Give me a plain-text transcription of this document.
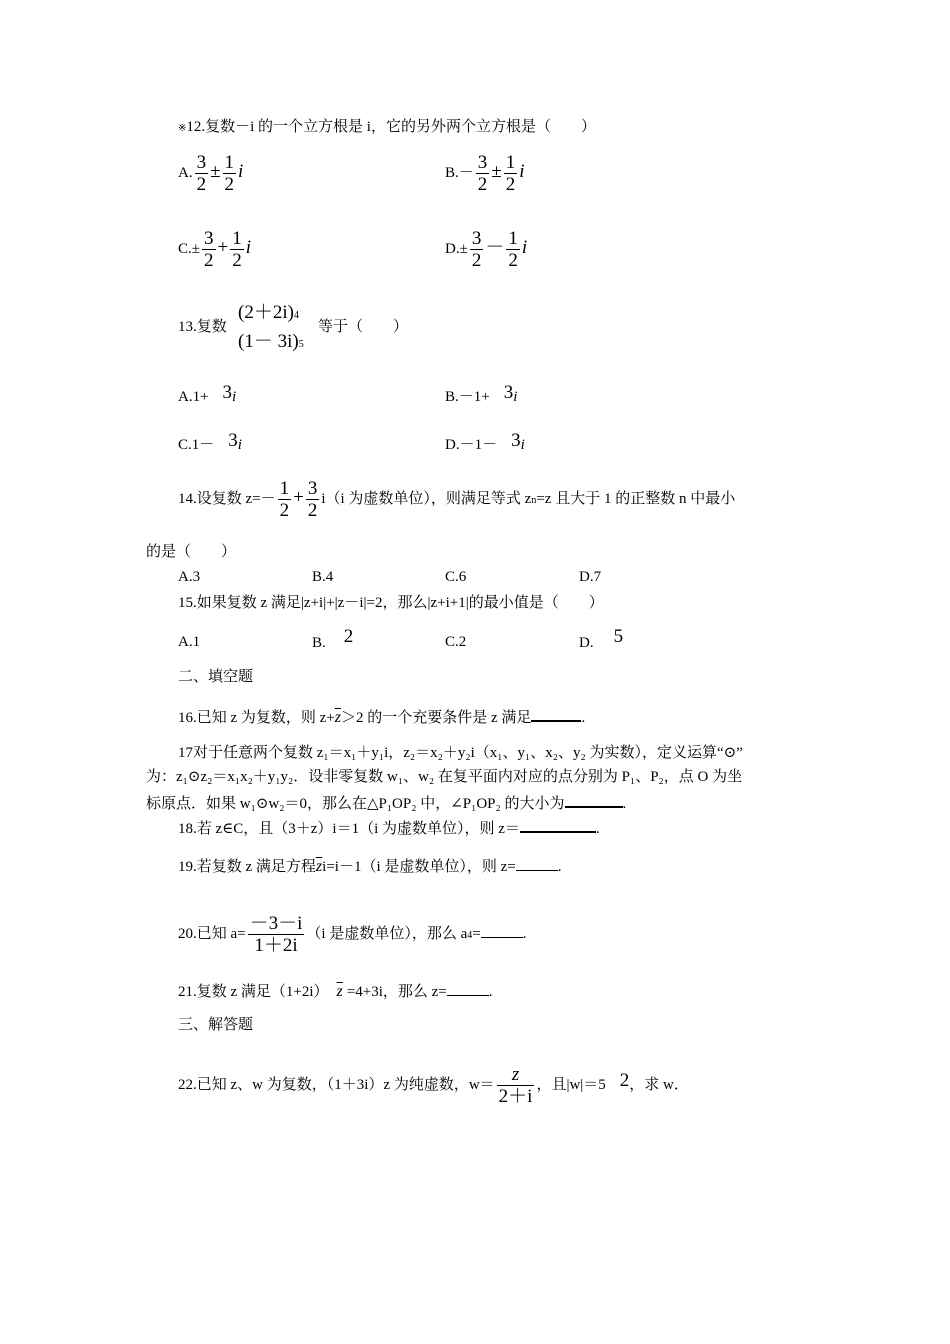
※12.复数－i 的一个立方根是 i，它的另外两个立方根是（　　）
A. $\frac{3}{2} \pm \frac{1}{2}$ i	$B.- \frac{3}{2} \pm \frac{1}{2}$ i
$C.\pm \frac{3}{2} + \frac{1}{2}$ i	$D.\pm \frac{3}{2} - \frac{1}{2}$ i
13.复数
(2＋2i)4
(1－ 3i)5
等于（　　）
A.1+ 3i	B.－1+ 3i
C.1－ 3i	D.－1－ 3i
14.设复数 $z=- \frac{1}{2} + \frac{3}{2} i(i$ 为虚数单位），则满足等式 zn=z 且大于 1 的正整数 n 中最小
的是（　　）
A.3	B.4	C.6	D.7
15.如果复数 z 满足|z+i|+|z－i|=2，那么|z+i+1|的最小值是（　　）
A.1	B. 2	C.2	D. 5
二、填空题
16.已知 z 为复数，则 $z+\overline{z}>2$ 的一个充要条件是 z 满足	.
17对于任意两个复数 z₁＝x₁＋y₁i，z₂＝x₂＋y₂i（x₁、y₁、x₂、y₂ 为实数），定义运算“⊙”
为：z₁⊙z₂＝x₁x₂＋y₁y₂．设非零复数 w₁、w₂ 在复平面内对应的点分别为 P₁、P₂，点 O 为坐
标原点．如果 w₁⊙w₂＝0，那么在△P₁OP₂ 中，∠P₁OP₂ 的大小为	.
18.若 z∈C，且（3＋z）i＝1（i 为虚数单位），则 z＝	.
19.若复数 z 满足方程$\overline{z}i=i-1(i$ 是虚数单位），则 z=	.
20.已知 $a= \frac{-3-i}{1+2i} (i$ 是虚数单位），那么 a4=	.
21.复数 z 满足（1+2i） $\overline{z} =4+3i$，那么 z=	.
三、解答题
22.已知 z、w 为复数，（1＋3i）z 为纯虚数，$w= \frac{z}{2+i}$ ，且|w|＝5 2，求 w．
